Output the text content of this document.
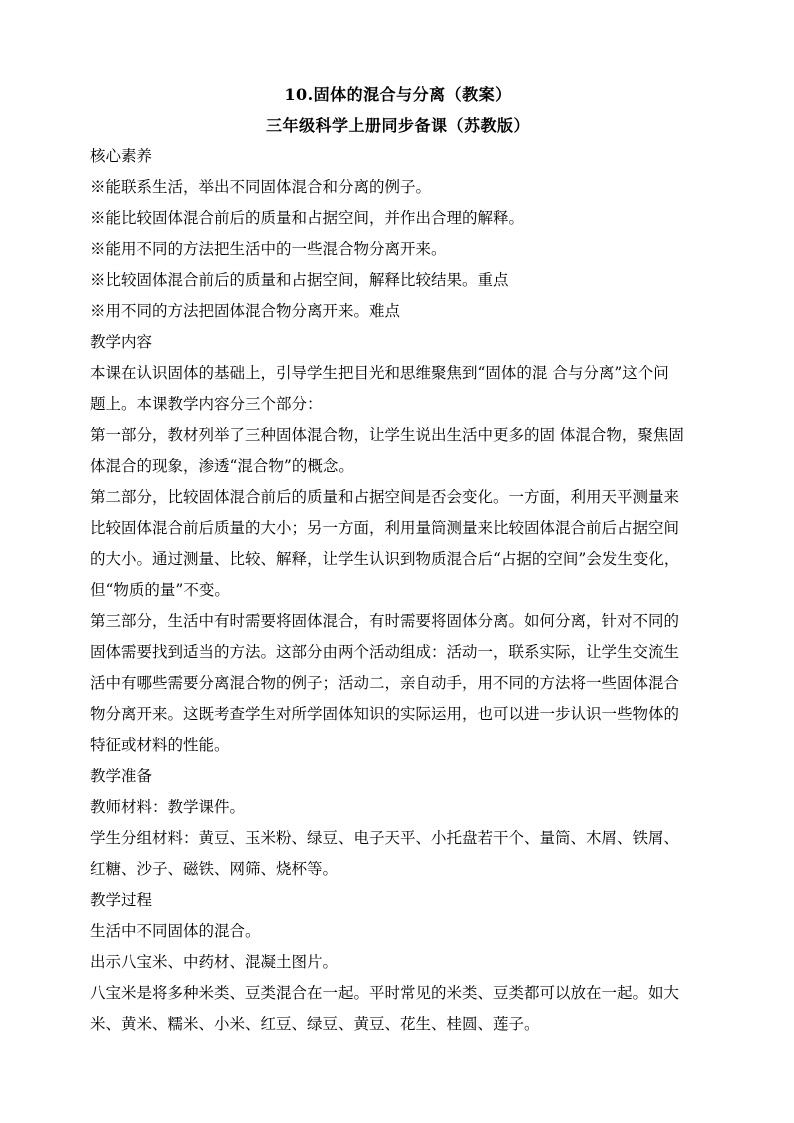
10.固体的混合与分离（教案）

三年级科学上册同步备课（苏教版）

核心素养

※能联系生活，举出不同固体混合和分离的例子。

※能比较固体混合前后的质量和占据空间，并作出合理的解释。

※能用不同的方法把生活中的一些混合物分离开来。

※比较固体混合前后的质量和占据空间，解释比较结果。重点

※用不同的方法把固体混合物分离开来。难点

教学内容

本课在认识固体的基础上，引导学生把目光和思维聚焦到“固体的混 合与分离”这个问
题上。本课教学内容分三个部分：
第一部分，教材列举了三种固体混合物，让学生说出生活中更多的固 体混合物，聚焦固
体混合的现象，渗透“混合物”的概念。
第二部分，比较固体混合前后的质量和占据空间是否会变化。一方面，利用天平测量来
比较固体混合前后质量的大小；另一方面，利用量筒测量来比较固体混合前后占据空间
的大小。通过测量、比较、解释，让学生认识到物质混合后“占据的空间”会发生变化，
但“物质的量”不变。
第三部分，生活中有时需要将固体混合，有时需要将固体分离。如何分离，针对不同的
固体需要找到适当的方法。这部分由两个活动组成：活动一，联系实际，让学生交流生
活中有哪些需要分离混合物的例子；活动二，亲自动手，用不同的方法将一些固体混合
物分离开来。这既考查学生对所学固体知识的实际运用，也可以进一步认识一些物体的
特征或材料的性能。

教学准备

教师材料：教学课件。

学生分组材料：黄豆、玉米粉、绿豆、电子天平、小托盘若干个、量筒、木屑、铁屑、
红糖、沙子、磁铁、网筛、烧杯等。

教学过程

生活中不同固体的混合。

出示八宝米、中药材、混凝土图片。

八宝米是将多种米类、豆类混合在一起。平时常见的米类、豆类都可以放在一起。如大
米、黄米、糯米、小米、红豆、绿豆、黄豆、花生、桂圆、莲子。
